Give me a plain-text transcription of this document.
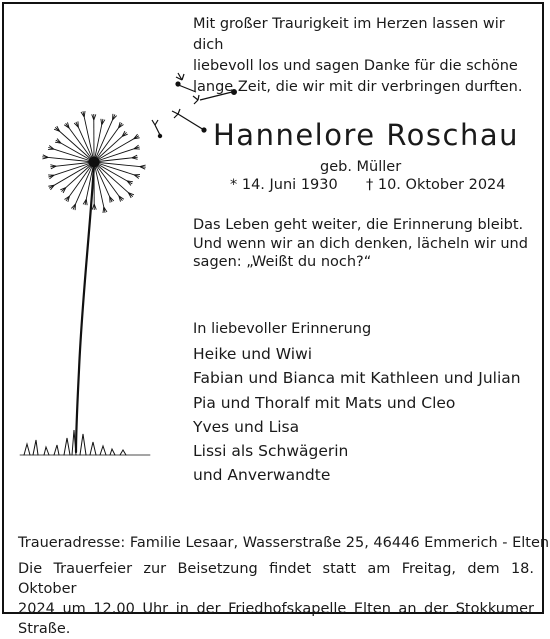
Mit großer Traurigkeit im Herzen lassen wir dich
liebevoll los und sagen Danke für die schöne
lange Zeit, die wir mit dir verbringen durften.

Hannelore Roschau
geb. Müller
* 14. Juni 1930 † 10. Oktober 2024

Das Leben geht weiter, die Erinnerung bleibt.
Und wenn wir an dich denken, lächeln wir und
sagen: „Weißt du noch?“

In liebevoller Erinnerung
Heike und Wiwi
Fabian und Bianca mit Kathleen und Julian
Pia und Thoralf mit Mats und Cleo
Yves und Lisa
Lissi als Schwägerin
und Anverwandte
Traueradresse: Familie Lesaar, Wasserstraße 25, 46446 Emmerich - Elten

Die Trauerfeier zur Beisetzung findet statt am Freitag, dem 18. Oktober
2024 um 12.00 Uhr in der Friedhofskapelle Elten an der Stokkumer Straße.
